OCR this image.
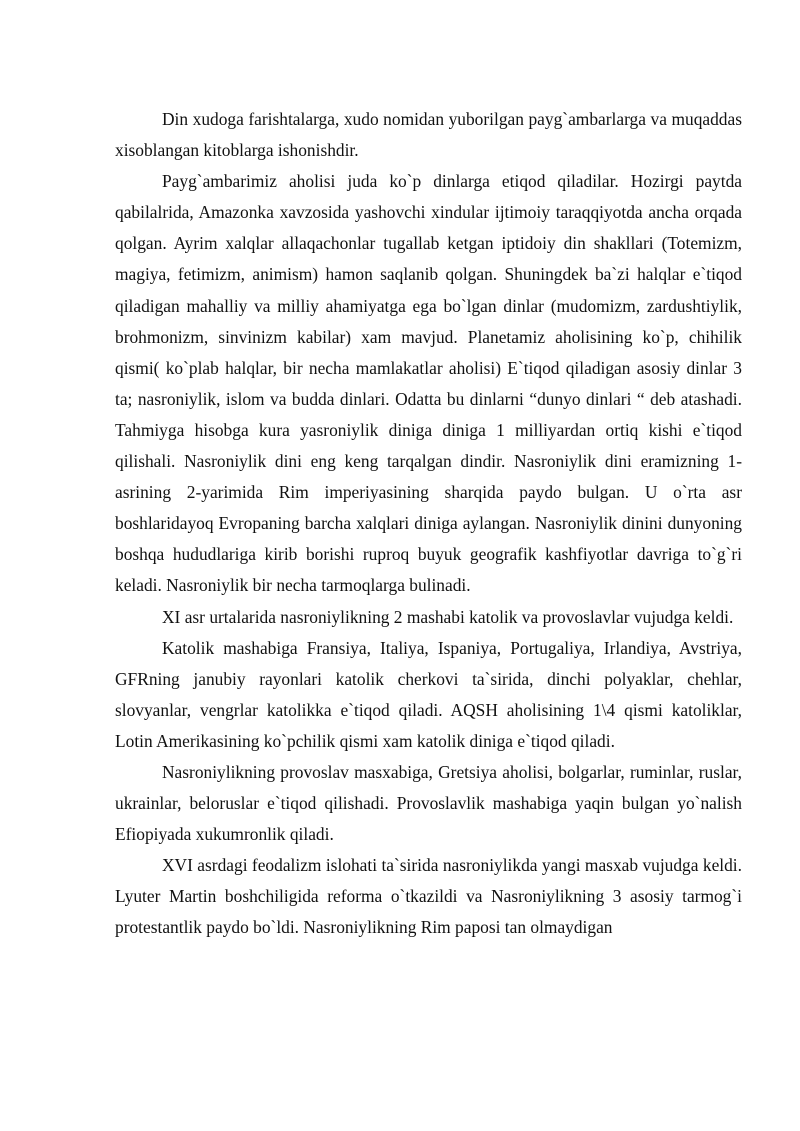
Din xudoga farishtalarga, xudo nomidan yuborilgan payg`ambarlarga va muqaddas xisoblangan kitoblarga ishonishdir.

Payg`ambarimiz aholisi juda ko`p dinlarga etiqod qiladilar. Hozirgi paytda qabilalrida, Amazonka xavzosida yashovchi xindular ijtimoiy taraqqiyotda ancha orqada qolgan. Ayrim xalqlar allaqachonlar tugallab ketgan iptidoiy din shakllari (Totemizm, magiya, fetimizm, animism) hamon saqlanib qolgan. Shuningdek ba`zi halqlar e`tiqod qiladigan mahalliy va milliy ahamiyatga ega bo`lgan dinlar (mudomizm, zardushtiylik, brohmonizm, sinvinizm kabilar) xam mavjud. Planetamiz aholisining ko`p, chihilik qismi( ko`plab halqlar, bir necha mamlakatlar aholisi) E`tiqod qiladigan asosiy dinlar 3 ta; nasroniylik, islom va budda dinlari. Odatta bu dinlarni “dunyo dinlari “ deb atashadi. Tahmiyga hisobga kura yasroniylik diniga diniga 1 milliyardan ortiq kishi e`tiqod qilishali. Nasroniylik dini eng keng tarqalgan dindir. Nasroniylik dini eramizning 1-asrining 2-yarimida Rim imperiyasining sharqida paydo bulgan. U o`rta asr boshlaridayoq Evropaning barcha xalqlari diniga aylangan. Nasroniylik dinini dunyoning boshqa hududlariga kirib borishi ruproq buyuk geografik kashfiyotlar davriga to`g`ri keladi. Nasroniylik bir necha tarmoqlarga bulinadi.

XI asr urtalarida nasroniylikning 2 mashabi katolik va provoslavlar vujudga keldi.

Katolik mashabiga Fransiya, Italiya, Ispaniya, Portugaliya, Irlandiya, Avstriya, GFRning janubiy rayonlari katolik cherkovi ta`sirida, dinchi polyaklar, chehlar, slovyanlar, vengrlar katolikka e`tiqod qiladi. AQSH aholisining 1\4 qismi katoliklar, Lotin Amerikasining ko`pchilik qismi xam katolik diniga e`tiqod qiladi.

Nasroniylikning provoslav masxabiga, Gretsiya aholisi, bolgarlar, ruminlar, ruslar, ukrainlar, beloruslar e`tiqod qilishadi. Provoslavlik mashabiga yaqin bulgan yo`nalish Efiopiyada xukumronlik qiladi.

XVI asrdagi feodalizm islohati ta`sirida nasroniylikda yangi masxab vujudga keldi. Lyuter Martin boshchiligida reforma o`tkazildi va Nasroniylikning 3 asosiy tarmog`i protestantlik paydo bo`ldi. Nasroniylikning Rim paposi tan olmaydigan
